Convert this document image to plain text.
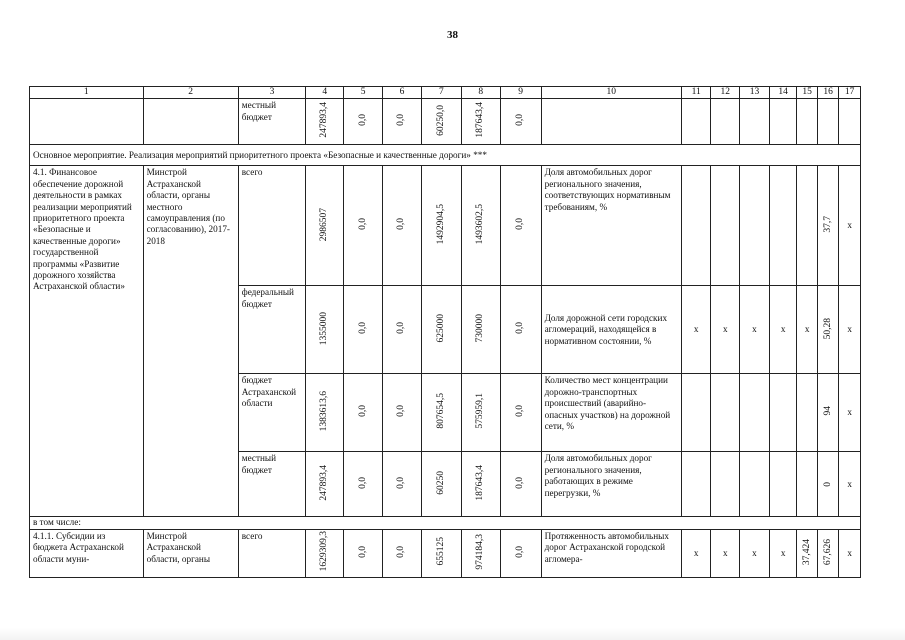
38
1	2	3	4	5	6	7	8	9	10	11	12	13	14	15	16	17
		местный бюджет	247893,4	0,0	0,0	60250,0	187643,4	0,0								
Основное мероприятие. Реализация мероприятий приоритетного проекта «Безопасные и качественные дороги» ***																
4.1. Финансовое обеспечение дорожной деятельности в рамках реализации мероприятий приоритетного проекта «Безопасные и качественные дороги» государственной программы «Развитие дорожного хозяйства Астраханской области»	Минстрой Астраханской области, органы местного самоуправления (по согласованию), 2017-2018	всего	2986507	0,0	0,0	1492904,5	1493602,5	0,0	Доля автомобильных дорог регионального значения, соответствующих нормативным требованиям, %						37,7	x
		федеральный бюджет	1355000	0,0	0,0	625000	730000	0,0	Доля дорожной сети городских агломераций, находящейся в нормативном состоянии, %	x	x	x	x	x	50,28	x
		бюджет Астраханской области	1383613,6	0,0	0,0	807654,5	575959,1	0,0	Количество мест концентрации дорожно-транспортных происшествий (аварийно-опасных участков) на дорожной сети, %						94	x
		местный бюджет	247893,4	0,0	0,0	60250	187643,4	0,0	Доля автомобильных дорог регионального значения, работающих в режиме перегрузки, %						0	x
в том числе:																
4.1.1. Субсидии из бюджета Астраханской области муни-	Минстрой Астраханской области, органы	всего	1629309,3	0,0	0,0	655125	974184,3	0,0	Протяженность автомобильных дорог Астраханской городской агломера-	x	x	x	x	37,424	67,626	x
